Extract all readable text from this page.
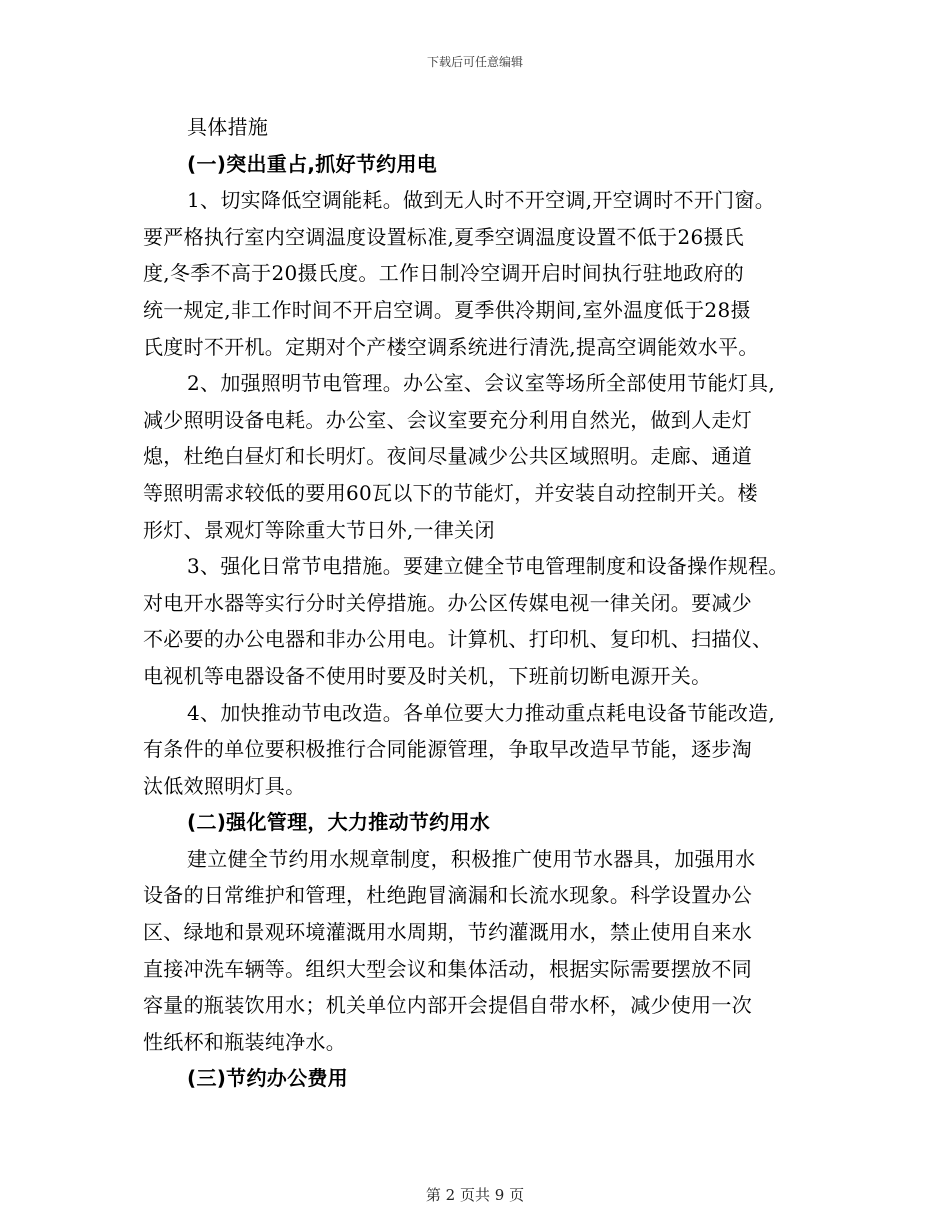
下载后可任意编辑
具体措施
(一)突出重占,抓好节约用电
1、切实降低空调能耗。做到无人时不开空调,开空调时不开门窗。
要严格执行室内空调温度设置标准,夏季空调温度设置不低于26摄氏
度,冬季不高于20摄氏度。工作日制冷空调开启时间执行驻地政府的
统一规定,非工作时间不开启空调。夏季供冷期间,室外温度低于28摄
氏度时不开机。定期对个产楼空调系统进行清洗,提高空调能效水平。
2、加强照明节电管理。办公室、会议室等场所全部使用节能灯具,
减少照明设备电耗。办公室、会议室要充分利用自然光，做到人走灯
熄，杜绝白昼灯和长明灯。夜间尽量减少公共区域照明。走廊、通道
等照明需求较低的要用60瓦以下的节能灯，并安装自动控制开关。楼
形灯、景观灯等除重大节日外,一律关闭
3、强化日常节电措施。要建立健全节电管理制度和设备操作规程。
对电开水器等实行分时关停措施。办公区传媒电视一律关闭。要减少
不必要的办公电器和非办公用电。计算机、打印机、复印机、扫描仪、
电视机等电器设备不使用时要及时关机，下班前切断电源开关。
4、加快推动节电改造。各单位要大力推动重点耗电设备节能改造,
有条件的单位要积极推行合同能源管理，争取早改造早节能，逐步淘
汰低效照明灯具。
(二)强化管理，大力推动节约用水
建立健全节约用水规章制度，积极推广使用节水器具，加强用水
设备的日常维护和管理，杜绝跑冒滴漏和长流水现象。科学设置办公
区、绿地和景观环境灌溉用水周期，节约灌溉用水，禁止使用自来水
直接冲洗车辆等。组织大型会议和集体活动，根据实际需要摆放不同
容量的瓶装饮用水；机关单位内部开会提倡自带水杯，减少使用一次
性纸杯和瓶装纯净水。
(三)节约办公费用
第 2 页共 9 页
